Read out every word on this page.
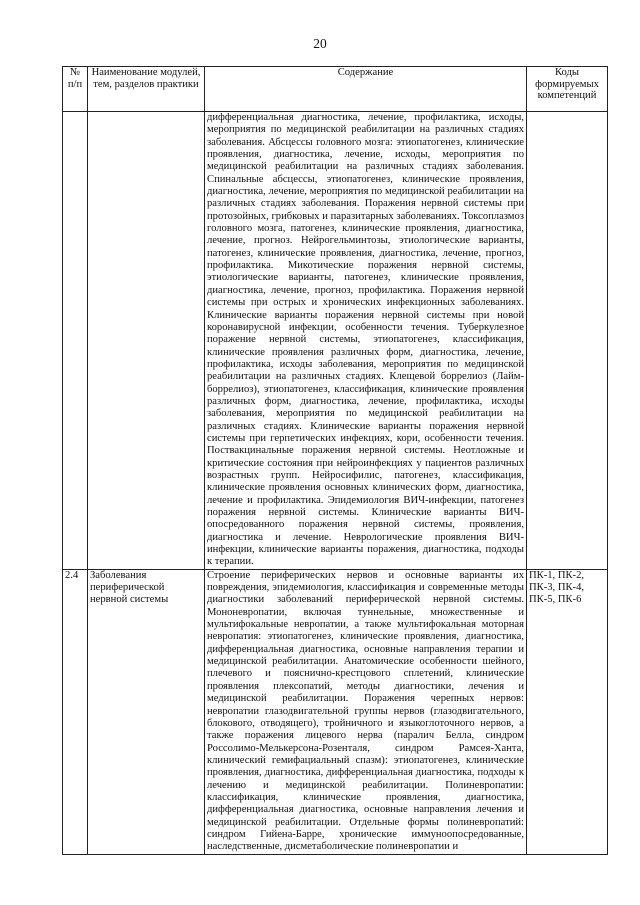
20
№ п/п	Наименование модулей, тем, разделов практики	Содержание	Коды формируемых компетенций
		дифференциальная диагностика, лечение, профилактика, исходы, мероприятия по медицинской реабилитации на различных стадиях заболевания. Абсцессы головного мозга: этиопатогенез, клинические проявления, диагностика, лечение, исходы, мероприятия по медицинской реабилитации на различных стадиях заболевания. Спинальные абсцессы, этиопатогенез, клинические проявления, диагностика, лечение, мероприятия по медицинской реабилитации на различных стадиях заболевания. Поражения нервной системы при протозойных, грибковых и паразитарных заболеваниях. Токсоплазмоз головного мозга, патогенез, клинические проявления, диагностика, лечение, прогноз. Нейрогельминтозы, этиологические варианты, патогенез, клинические проявления, диагностика, лечение, прогноз, профилактика. Микотические поражения нервной системы, этиологические варианты, патогенез, клинические проявления, диагностика, лечение, прогноз, профилактика. Поражения нервной системы при острых и хронических инфекционных заболеваниях. Клинические варианты поражения нервной системы при новой коронавирусной инфекции, особенности течения. Туберкулезное поражение нервной системы, этиопатогенез, классификация, клинические проявления различных форм, диагностика, лечение, профилактика, исходы заболевания, мероприятия по медицинской реабилитации на различных стадиях. Клещевой боррелиоз (Лайм-боррелиоз), этиопатогенез, классификация, клинические проявления различных форм, диагностика, лечение, профилактика, исходы заболевания, мероприятия по медицинской реабилитации на различных стадиях. Клинические варианты поражения нервной системы при герпетических инфекциях, кори, особенности течения. Поствакцинальные поражения нервной системы. Неотложные и критические состояния при нейроинфекциях у пациентов различных возрастных групп. Нейросифилис, патогенез, классификация, клинические проявления основных клинических форм, диагностика, лечение и профилактика. Эпидемиология ВИЧ-инфекции, патогенез поражения нервной системы. Клинические варианты ВИЧ-опосредованного поражения нервной системы, проявления, диагностика и лечение. Неврологические проявления ВИЧ-инфекции, клинические варианты поражения, диагностика, подходы к терапии.	
2.4	Заболевания периферической нервной системы	Строение периферических нервов и основные варианты их повреждения, эпидемиология, классификация и современные методы диагностики заболеваний периферической нервной системы. Мононевропатии, включая туннельные, множественные и мультифокальные невропатии, а также мультифокальная моторная невропатия: этиопатогенез, клинические проявления, диагностика, дифференциальная диагностика, основные направления терапии и медицинской реабилитации. Анатомические особенности шейного, плечевого и пояснично-крестцового сплетений, клинические проявления плексопатий, методы диагностики, лечения и медицинской реабилитации. Поражения черепных нервов: невропатии глазодвигательной группы нервов (глазодвигательного, блокового, отводящего), тройничного и языкоглоточного нервов, а также поражения лицевого нерва (паралич Белла, синдром Россолимо-Мелькерсона-Розенталя, синдром Рамсея-Ханта, клинический гемифациальный спазм): этиопатогенез, клинические проявления, диагностика, дифференциальная диагностика, подходы к лечению и медицинской реабилитации. Полиневропатии: классификация, клинические проявления, диагностика, дифференциальная диагностика, основные направления лечения и медицинской реабилитации. Отдельные формы полиневропатий: синдром Гийена-Барре, хронические иммуноопосредованные, наследственные, дисметаболические полиневропатии и	ПК-1, ПК-2, ПК-3, ПК-4, ПК-5, ПК-6
